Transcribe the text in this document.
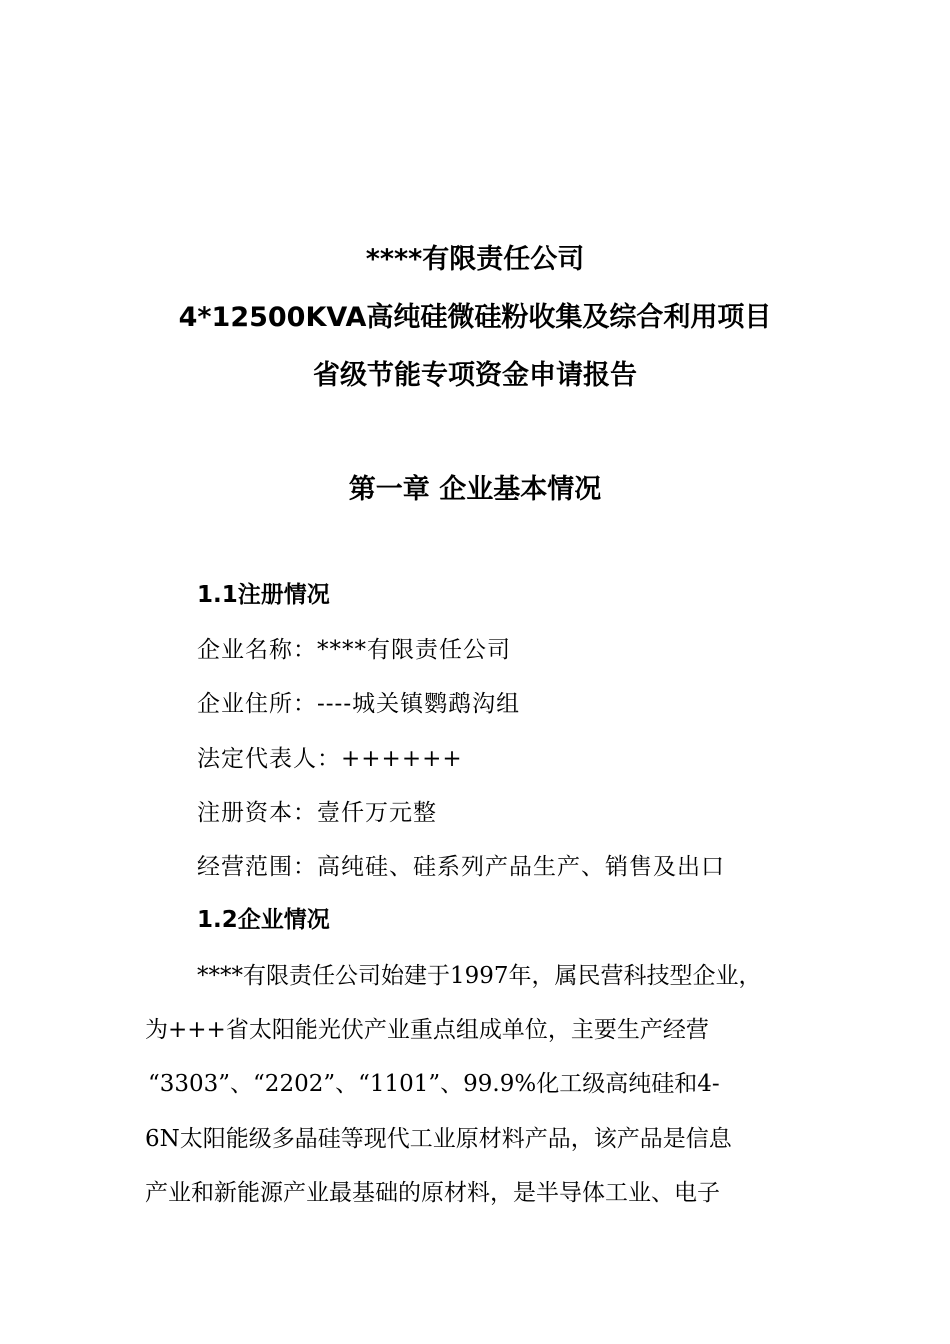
****有限责任公司
4*12500KVA高纯硅微硅粉收集及综合利用项目
省级节能专项资金申请报告
第一章 企业基本情况
1.1注册情况
企业名称：****有限责任公司
企业住所：----城关镇鹦鹉沟组
法定代表人：++++++
注册资本：壹仟万元整
经营范围：高纯硅、硅系列产品生产、销售及出口
1.2企业情况
****有限责任公司始建于1997年，属民营科技型企业，
为+++省太阳能光伏产业重点组成单位，主要生产经营
“3303”、“2202”、“1101”、99.9%化工级高纯硅和4-
6N太阳能级多晶硅等现代工业原材料产品，该产品是信息
产业和新能源产业最基础的原材料，是半导体工业、电子
